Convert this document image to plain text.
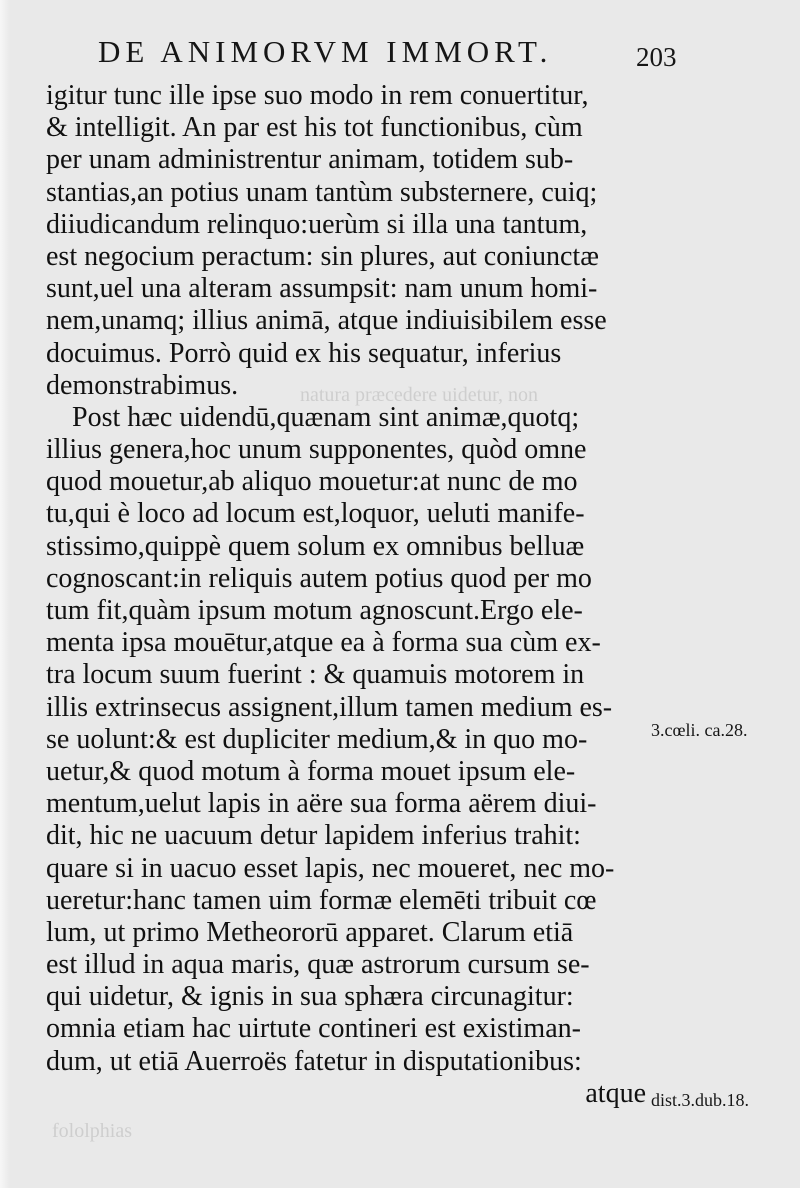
natura præcedere uidetur, non
fololphias
DE ANIMORVM IMMORT.	203
igitur tunc ille ipse suo modo in rem conuertitur,
& intelligit. An par est his tot functionibus, cùm
per unam administrentur animam, totidem sub-
stantias,an potius unam tantùm substernere, cuiq;
diiudicandum relinquo:uerùm si illa una tantum,
est negocium peractum: sin plures, aut coniunctæ
sunt,uel una alteram assumpsit: nam unum homi-
nem,unamq; illius animā, atque indiuisibilem esse
docuimus. Porrò quid ex his sequatur, inferius
demonstrabimus.
Post hæc uidendū,quænam sint animæ,quotq;
illius genera,hoc unum supponentes, quòd omne
quod mouetur,ab aliquo mouetur:at nunc de mo
tu,qui è loco ad locum est,loquor, ueluti manife-
stissimo,quippè quem solum ex omnibus belluæ
cognoscant:in reliquis autem potius quod per mo
tum fit,quàm ipsum motum agnoscunt.Ergo ele-
menta ipsa mouētur,atque ea à forma sua cùm ex-
tra locum suum fuerint : & quamuis motorem in
illis extrinsecus assignent,illum tamen medium es-
se uolunt:& est dupliciter medium,& in quo mo-
uetur,& quod motum à forma mouet ipsum ele-
mentum,uelut lapis in aëre sua forma aërem diui-
dit, hic ne uacuum detur lapidem inferius trahit:
quare si in uacuo esset lapis, nec moueret, nec mo-
ueretur:hanc tamen uim formæ elemēti tribuit cœ
lum, ut primo Metheororū apparet. Clarum etiā
est illud in aqua maris, quæ astrorum cursum se-
qui uidetur, & ignis in sua sphæra circunagitur:
omnia etiam hac uirtute contineri est existiman-
dum, ut etiā Auerroës fatetur in disputationibus:
atque
3.cœli. ca.28.
dist.3.dub.18.
